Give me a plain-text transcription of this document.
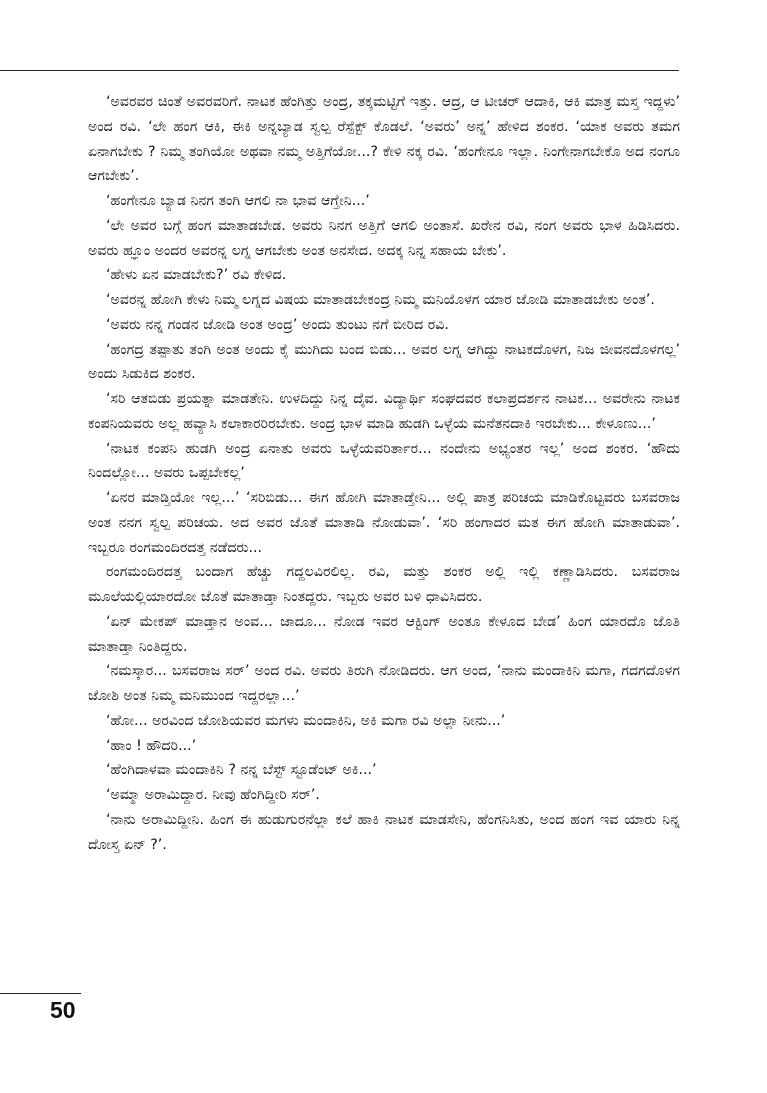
‘ಅವರವರ ಚಿಂತೆ ಅವರವರಿಗೆ. ನಾಟಕ ಹೆಂಗಿತ್ತು ಅಂದ್ರ, ತಕ್ಕಮಟ್ಟಿಗೆ ಇತ್ತು. ಆದ್ರ, ಆ ಟೀಚರ್ ಆದಾಕಿ, ಆಕಿ ಮಾತ್ರ ಮಸ್ತ ಇದ್ದಳು’ ಅಂದ ರವಿ. ‘ಲೇ ಹಂಗ ಆಕಿ, ಈಕಿ ಅನ್ನಬ್ಯಾಡ ಸ್ವಲ್ಪ ರೆಸ್ಪೆಕ್ಟ್ ಕೊಡಲೆ. ‘ಅವರು’ ಅನ್ನ’ ಹೇಳಿದ ಶಂಕರ. ‘ಯಾಕ ಅವರು ತಮಗ ಏನಾಗಬೇಕು ? ನಿಮ್ಮ ತಂಗಿಯೋ ಅಥವಾ ನಮ್ಮ ಅತ್ತಿಗೆಯೋ...? ಕೇಳಿ ನಕ್ಕ ರವಿ. ‘ಹಂಗೇನೂ ಇಲ್ಲಾ. ನಿಂಗೇನಾಗಬೇಕೊ ಅದ ನಂಗೂ ಆಗಬೇಕು’.

‘ಹಂಗೇನೂ ಬ್ಯಾಡ ನಿನಗ ತಂಗಿ ಆಗಲಿ ನಾ ಭಾವ ಆಗ್ತೇನಿ...’

‘ಲೇ ಅವರ ಬಗ್ಗೆ ಹಂಗ ಮಾತಾಡಬೇಡ. ಅವರು ನಿನಗ ಅತ್ತಿಗೆ ಆಗಲಿ ಅಂತಾಸೆ. ಖರೇನ ರವಿ, ನಂಗ ಅವರು ಭಾಳ ಹಿಡಿಸಿದರು. ಅವರು ಹ್ಞೂಂ ಅಂದರ ಅವರನ್ನ ಲಗ್ನ ಆಗಬೇಕು ಅಂತ ಅನಸೇದ. ಅದಕ್ಕ ನಿನ್ನ ಸಹಾಯ ಬೇಕು’.

‘ಹೇಳು ಏನ ಮಾಡಬೇಕು?’ ರವಿ ಕೇಳಿದ.

‘ಅವರನ್ನ ಹೋಗಿ ಕೇಳು ನಿಮ್ಮ ಲಗ್ನದ ವಿಷಯ ಮಾತಾಡಬೇಕಂದ್ರ ನಿಮ್ಮ ಮನಿಯೊಳಗ ಯಾರ ಜೋಡಿ ಮಾತಾಡಬೇಕು ಅಂತ’.

‘ಅವರು ನನ್ನ ಗಂಡನ ಜೋಡಿ ಅಂತ ಅಂದ್ರ’ ಅಂದು ತುಂಟು ನಗೆ ಬೀರಿದ ರವಿ.

‘ಹಂಗದ್ರ ತಪ್ಪಾತು ತಂಗಿ ಅಂತ ಅಂದು ಕೈ ಮುಗಿದು ಬಂದ ಬಿಡು... ಅವರ ಲಗ್ನ ಆಗಿದ್ದು ನಾಟಕದೊಳಗ, ನಿಜ ಜೀವನದೊಳಗಲ್ಲ’ ಅಂದು ಸಿಡುಕಿದ ಶಂಕರ.

‘ಸರಿ ಆತಬಿಡು ಪ್ರಯತ್ನಾ ಮಾಡತೇನಿ. ಉಳದಿದ್ದು ನಿನ್ನ ದೈವ. ವಿದ್ಯಾರ್ಥಿ ಸಂಘದವರ ಕಲಾಪ್ರದರ್ಶನ ನಾಟಕ... ಅವರೇನು ನಾಟಕ ಕಂಪನಿಯವರು ಅಲ್ಲ ಹವ್ಯಾಸಿ ಕಲಾಕಾರರಿರಬೇಕು. ಅಂದ್ರ ಭಾಳ ಮಾಡಿ ಹುಡಗಿ ಒಳ್ಳೆಯ ಮನೆತನದಾಕಿ ಇರಬೇಕು... ಕೇಳೂಣು...’

‘ನಾಟಕ ಕಂಪನಿ ಹುಡಗಿ ಅಂದ್ರ ಏನಾತು ಅವರು ಒಳ್ಳೆಯವರಿರ್ತಾರ... ನಂದೇನು ಅಭ್ಯಂತರ ಇಲ್ಲ’ ಅಂದ ಶಂಕರ. ‘ಹೌದು ನಿಂದಲ್ಲೋ... ಅವರು ಒಪ್ಪಬೇಕಲ್ಲ’

‘ಏನರ ಮಾಡ್ತಿಯೋ ಇಲ್ಲ...’ ‘ಸರಿಬಿಡು... ಈಗ ಹೋಗಿ ಮಾತಾಡ್ತೇನಿ... ಅಲ್ಲಿ ಪಾತ್ರ ಪರಿಚಯ ಮಾಡಿಕೊಟ್ಟವರು ಬಸವರಾಜ ಅಂತ ನನಗ ಸ್ವಲ್ಪ ಪರಿಚಯ. ಅದ ಅವರ ಜೊತೆ ಮಾತಾಡಿ ನೋಡುವಾ’. ‘ಸರಿ ಹಂಗಾದರ ಮತ ಈಗ ಹೋಗಿ ಮಾತಾಡುವಾ’. ಇಬ್ಬರೂ ರಂಗಮಂದಿರದತ್ತ ನಡೆದರು...

ರಂಗಮಂದಿರದತ್ತ ಬಂದಾಗ ಹೆಚ್ಚು ಗದ್ದಲವಿರಲಿಲ್ಲ. ರವಿ, ಮತ್ತು ಶಂಕರ ಅಲ್ಲಿ ಇಲ್ಲಿ ಕಣ್ಣಾಡಿಸಿದರು. ಬಸವರಾಜ ಮೂಲೆಯಲ್ಲಿಯಾರದೋ ಜೊತೆ ಮಾತಾಡ್ತಾ ನಿಂತದ್ದರು. ಇಬ್ಬರು ಅವರ ಬಳಿ ಧಾವಿಸಿದರು.

‘ಏನ್ ಮೇಕಪ್ ಮಾಡ್ತಾನ ಅಂವ... ಜಾದೂ... ನೋಡ ಇವರ ಆಕ್ಟಿಂಗ್ ಅಂತೂ ಕೇಳೂದ ಬೇಡ’ ಹಿಂಗ ಯಾರದೊ ಜೊತಿ ಮಾತಾಡ್ತಾ ನಿಂತಿದ್ದರು.

‘ನಮಸ್ಕಾರ... ಬಸವರಾಜ ಸರ್’ ಅಂದ ರವಿ. ಅವರು ತಿರುಗಿ ನೋಡಿದರು. ಆಗ ಅಂದ, ‘ನಾನು ಮಂದಾಕಿನಿ ಮಗಾ, ಗದಗದೊಳಗ ಜೋಶಿ ಅಂತ ನಿಮ್ಮ ಮನಿಮುಂದ ಇದ್ದರಲ್ಲಾ...’

‘ಹೋ... ಅರವಿಂದ ಜೋಶಿಯವರ ಮಗಳು ಮಂದಾಕಿನಿ, ಅಕಿ ಮಗಾ ರವಿ ಅಲ್ಲಾ ನೀನು...’

‘ಹಾಂ ! ಹೌದರಿ...’

‘ಹೆಂಗಿದಾಳವಾ ಮಂದಾಕಿನಿ ? ನನ್ನ ಬೆಸ್ಟ್ ಸ್ಟೂಡೆಂಟ್ ಅಕಿ...’

‘ಅಮ್ಮಾ ಅರಾಮಿದ್ದಾರ. ನೀವು ಹೆಂಗಿದ್ದೀರಿ ಸರ್’.

‘ನಾನು ಅರಾಮಿದ್ದೀನಿ. ಹಿಂಗ ಈ ಹುಡುಗುರನೆಲ್ಲಾ ಕಲೆ ಹಾಕಿ ನಾಟಕ ಮಾಡಸೇನಿ, ಹೆಂಗನಿಸಿತು, ಅಂದ ಹಂಗ ಇವ ಯಾರು ನಿನ್ನ ದೋಸ್ತ ಏನ್ ?’.

50
